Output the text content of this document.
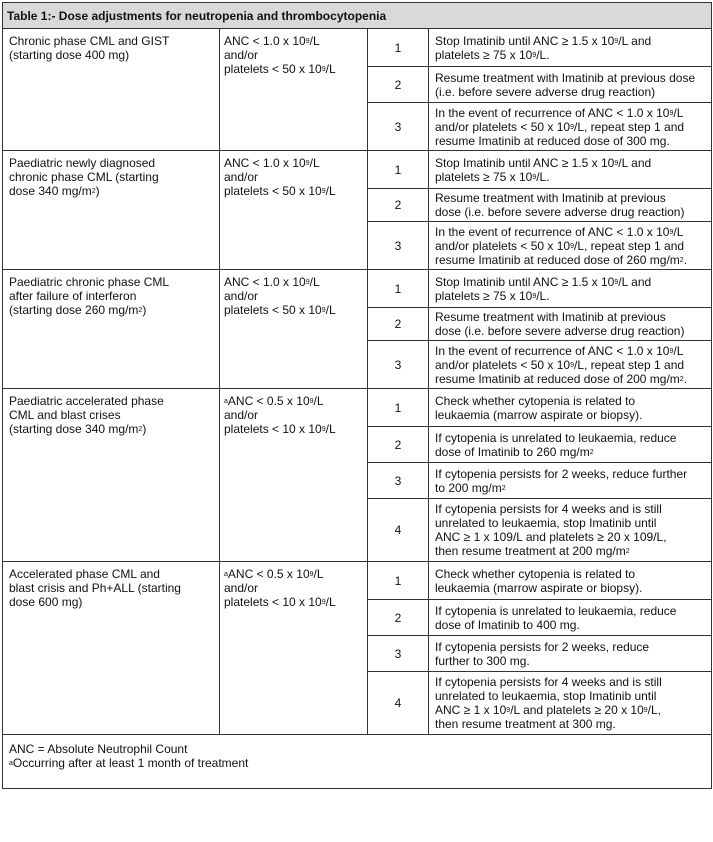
Table 1:- Dose adjustments for neutropenia and thrombocytopenia			

Chronic phase CML and GIST
(starting dose 400 mg)	ANC < 1.0 x $10^9/L$
and/or
platelets < 50 x $10^9/L$	1	Stop Imatinib until ANC ≥ 1.5 x $10^9/L$ and
platelets ≥ 75 x $10^9/L$.

		2	Resume treatment with Imatinib at previous dose
(i.e. before severe adverse drug reaction)

		3	In the event of recurrence of ANC < 1.0 x $10^9/L$
and/or platelets < 50 x $10^9/L$, repeat step 1 and
resume Imatinib at reduced dose of 300 mg.

Paediatric newly diagnosed
chronic phase CML (starting
dose 340 $mg/m^2$)	ANC < 1.0 x $10^9/L$
and/or
platelets < 50 x $10^9/L$	1	Stop Imatinib until ANC ≥ 1.5 x $10^9/L$ and
platelets ≥ 75 x $10^9/L$.

		2	Resume treatment with Imatinib at previous
dose (i.e. before severe adverse drug reaction)

		3	In the event of recurrence of ANC < 1.0 x $10^9/L$
and/or platelets < 50 x $10^9/L$, repeat step 1 and
resume Imatinib at reduced dose of 260 $mg/m^2$.

Paediatric chronic phase CML
after failure of interferon
(starting dose 260 $mg/m^2$)	ANC < 1.0 x $10^9/L$
and/or
platelets < 50 x $10^9/L$	1	Stop Imatinib until ANC ≥ 1.5 x $10^9/L$ and
platelets ≥ 75 x $10^9/L$.

		2	Resume treatment with Imatinib at previous
dose (i.e. before severe adverse drug reaction)

		3	In the event of recurrence of ANC < 1.0 x $10^9/L$
and/or platelets < 50 x $10^9/L$, repeat step 1 and
resume Imatinib at reduced dose of 200 $mg/m^2$.

Paediatric accelerated phase
CML and blast crises
(starting dose 340 $mg/m^2$)	$^a$ANC < 0.5 x $10^9/L$
and/or
platelets < 10 x $10^9/L$	1	Check whether cytopenia is related to
leukaemia (marrow aspirate or biopsy).

		2	If cytopenia is unrelated to leukaemia, reduce
dose of Imatinib to 260 $mg/m^2$

		3	If cytopenia persists for 2 weeks, reduce further
to 200 $mg/m^2$

		4	If cytopenia persists for 4 weeks and is still
unrelated to leukaemia, stop Imatinib until
ANC ≥ 1 x 109/L and platelets ≥ 20 x 109/L,
then resume treatment at 200 $mg/m^2$

Accelerated phase CML and
blast crisis and Ph+ALL (starting
dose 600 mg)	$^a$ANC < 0.5 x $10^9/L$
and/or
platelets < 10 x $10^9/L$	1	Check whether cytopenia is related to
leukaemia (marrow aspirate or biopsy).

		2	If cytopenia is unrelated to leukaemia, reduce
dose of Imatinib to 400 mg.

		3	If cytopenia persists for 2 weeks, reduce
further to 300 mg.

		4	If cytopenia persists for 4 weeks and is still
unrelated to leukaemia, stop Imatinib until
ANC ≥ 1 x $10^9/L$ and platelets ≥ 20 x $10^9/L$,
then resume treatment at 300 mg.

ANC = Absolute Neutrophil Count
$^a$Occurring after at least 1 month of treatment			
